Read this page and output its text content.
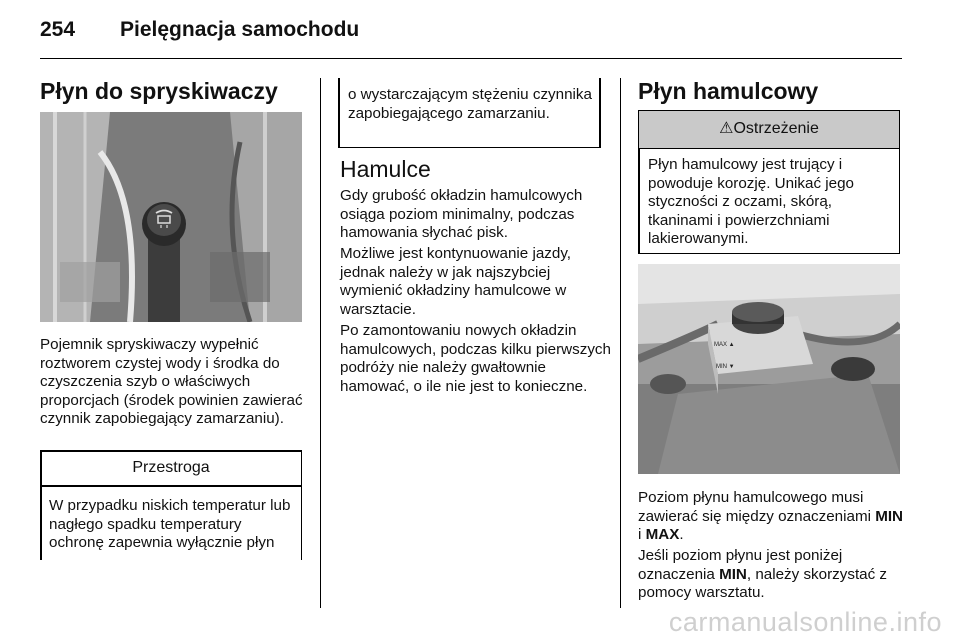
254 Pielęgnacja samochodu
Płyn do spryskiwaczy

Pojemnik spryskiwaczy wypełnić roztworem czystej wody i środka do czyszczenia szyb o właściwych proporcjach (środek powinien zawierać czynnik zapobiegający zamarzaniu).

Przestroga
W przypadku niskich temperatur lub nagłego spadku temperatury ochronę zapewnia wyłącznie płyn
o wystarczającym stężeniu czynnika zapobiegającego zamarzaniu.
Hamulce

Gdy grubość okładzin hamulcowych osiąga poziom minimalny, podczas hamowania słychać pisk.

Możliwe jest kontynuowanie jazdy, jednak należy w jak najszybciej wymienić okładziny hamulcowe w warsztacie.

Po zamontowaniu nowych okładzin hamulcowych, podczas kilku pierwszych podróży nie należy gwałtownie hamować, o ile nie jest to konieczne.

Płyn hamulcowy
⚠Ostrzeżenie
Płyn hamulcowy jest trujący i powoduje korozję. Unikać jego styczności z oczami, skórą, tkaninami i powierzchniami lakierowanymi.
MAX ▲
MIN ▼

Poziom płynu hamulcowego musi zawierać się między oznaczeniami MIN i MAX.

Jeśli poziom płynu jest poniżej oznaczenia MIN, należy skorzystać z pomocy warsztatu.

carmanualsonline.info
